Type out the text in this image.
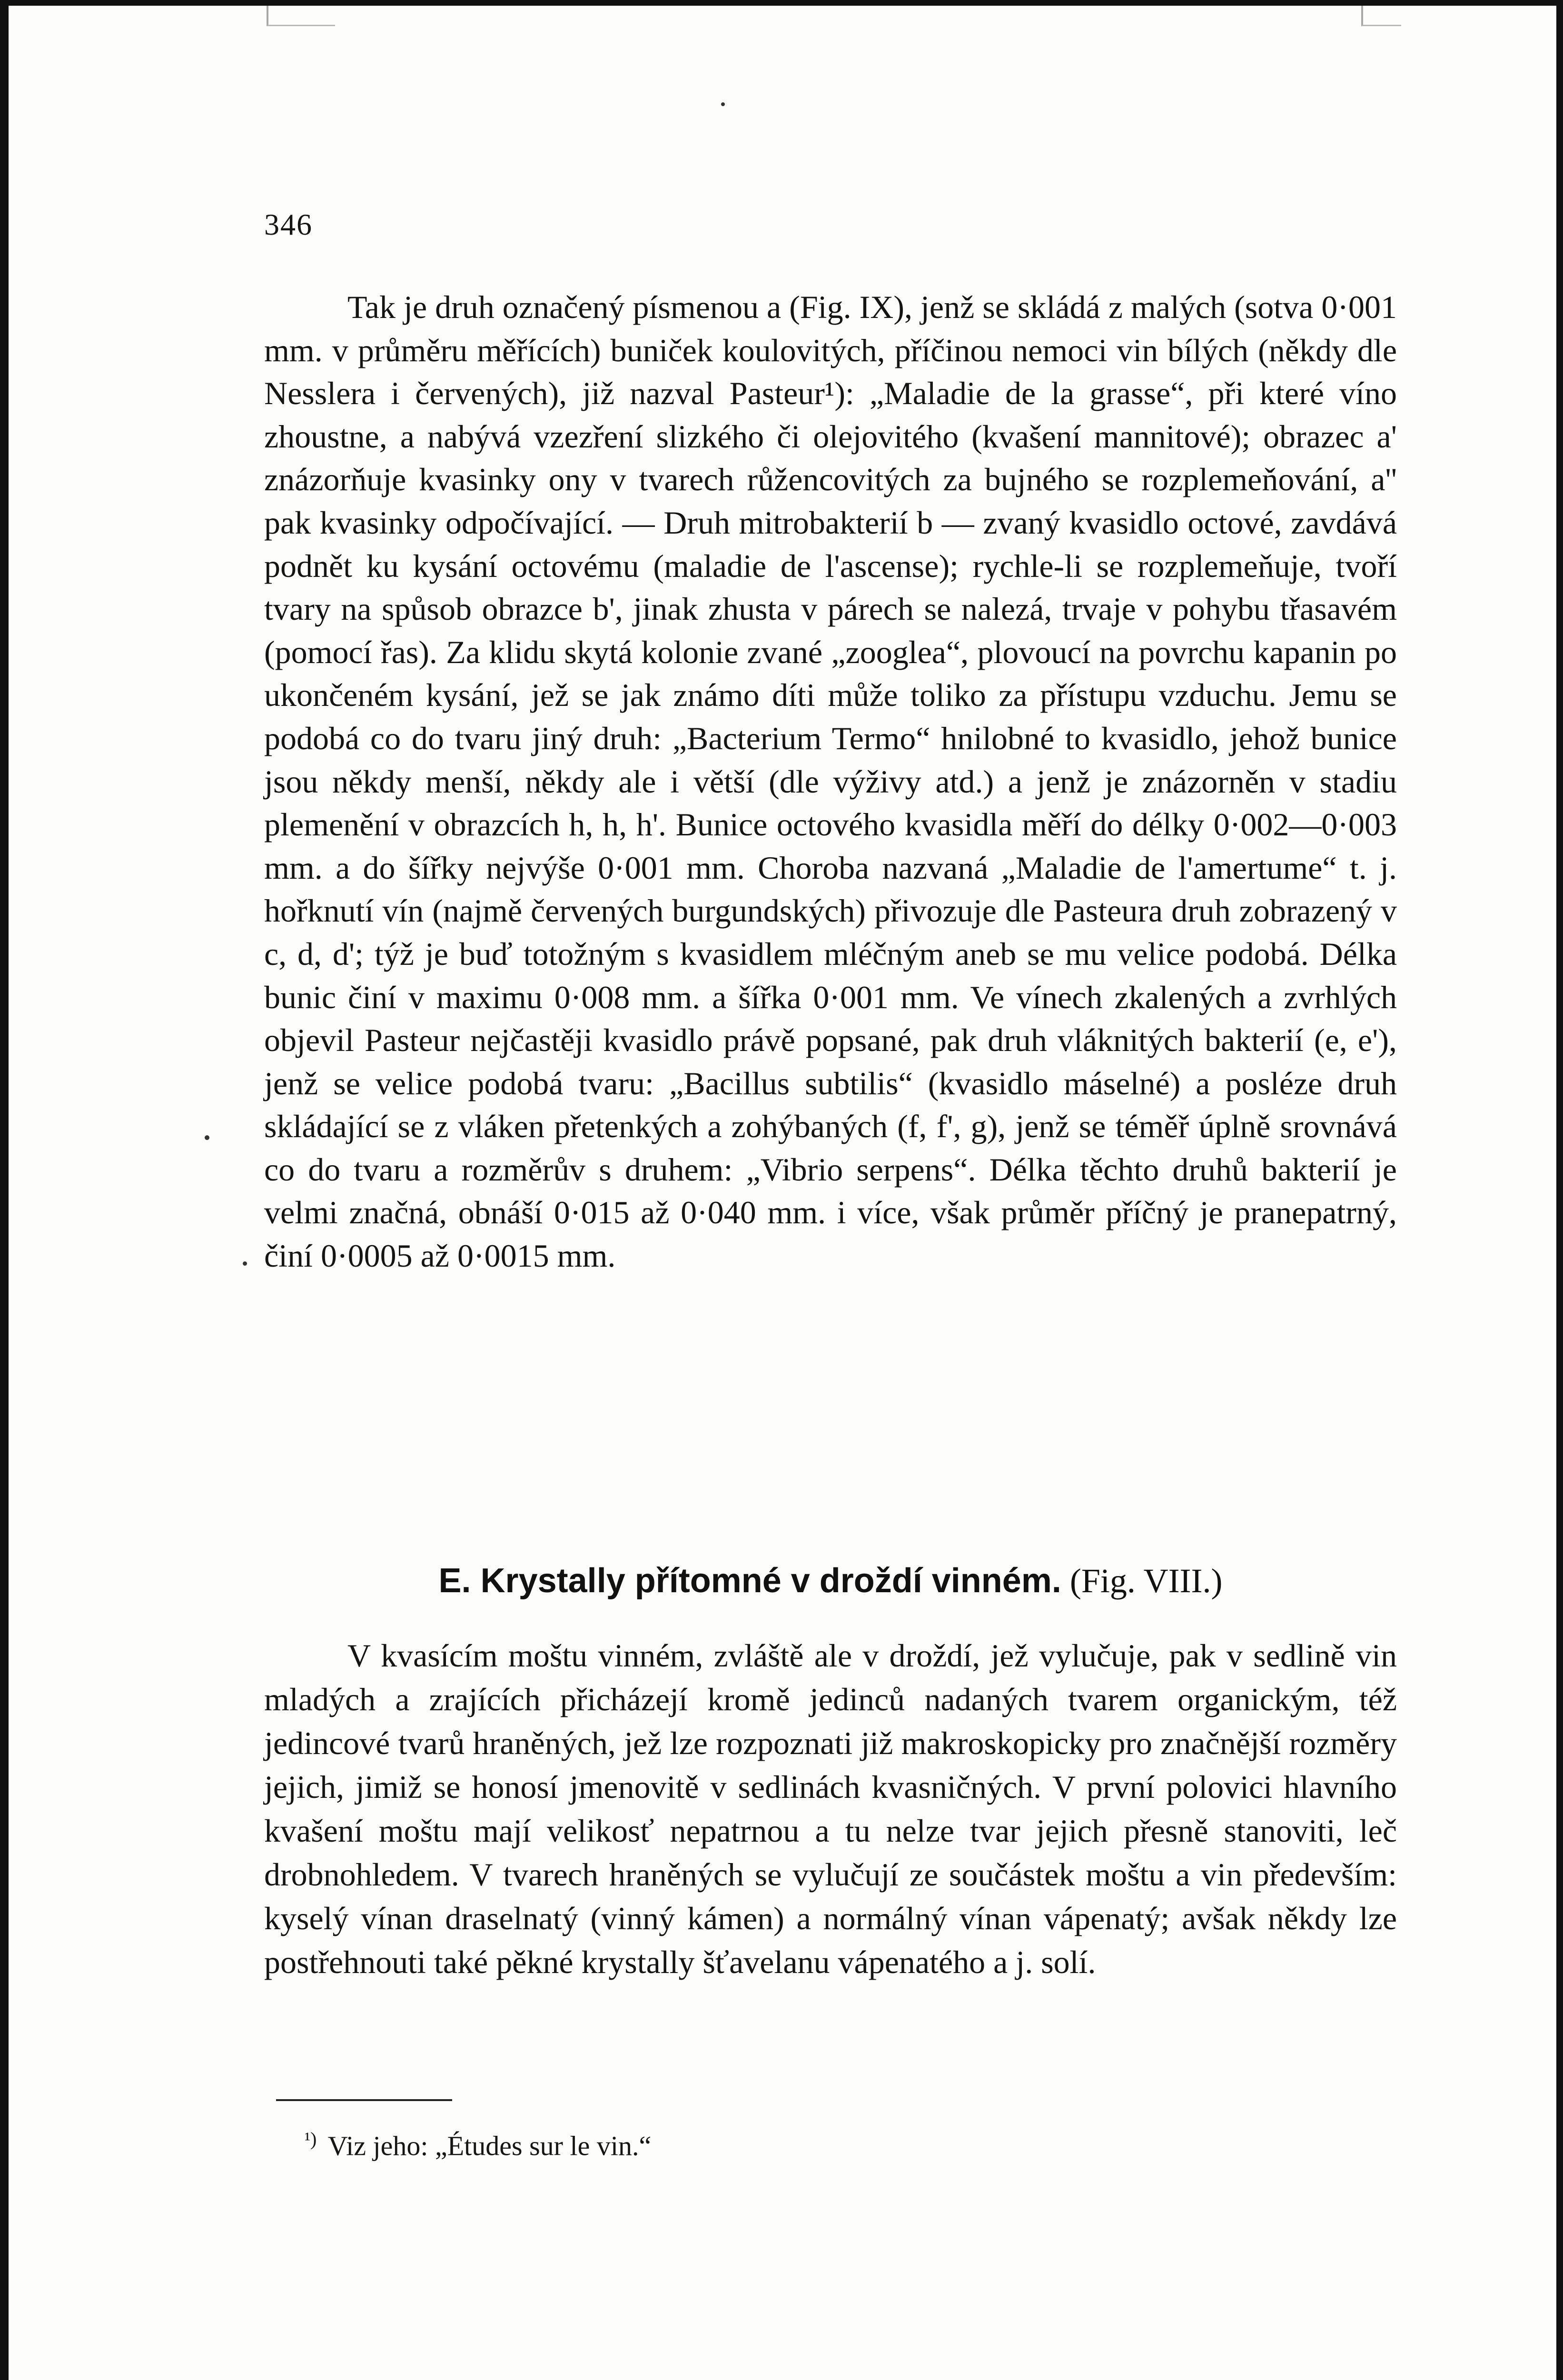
346
Tak je druh označený písmenou a (Fig. IX), jenž se skládá z malých (sotva 0·001 mm. v průměru měřících) buniček koulovitých, příčinou nemoci vin bílých (někdy dle Nesslera i červených), již nazval Pasteur¹): „Maladie de la grasse“, při které víno zhoustne, a nabývá vzezření slizkého či olejovitého (kvašení mannitové); obrazec a' znázorňuje kvasinky ony v tvarech růžencovitých za bujného se rozplemeňování, a'' pak kvasinky odpočívající. — Druh mitrobakterií b — zvaný kvasidlo octové, zavdává podnět ku kysání octovému (maladie de l'ascense); rychle-li se rozplemeňuje, tvoří tvary na spůsob obrazce b', jinak zhusta v párech se nalezá, trvaje v pohybu třasavém (pomocí řas). Za klidu skytá kolonie zvané „zooglea“, plovoucí na povrchu kapanin po ukončeném kysání, jež se jak známo díti může toliko za přístupu vzduchu. Jemu se podobá co do tvaru jiný druh: „Bacterium Termo“ hnilobné to kvasidlo, jehož bunice jsou někdy menší, někdy ale i větší (dle výživy atd.) a jenž je znázorněn v stadiu plemenění v obrazcích h, h, h'. Bunice octového kvasidla měří do délky 0·002—0·003 mm. a do šířky nejvýše 0·001 mm. Choroba nazvaná „Maladie de l'amertume“ t. j. hořknutí vín (najmě červených burgundských) přivozuje dle Pasteura druh zobrazený v c, d, d'; týž je buď totožným s kvasidlem mléčným aneb se mu velice podobá. Délka bunic činí v maximu 0·008 mm. a šířka 0·001 mm. Ve vínech zkalených a zvrhlých objevil Pasteur nejčastěji kvasidlo právě popsané, pak druh vláknitých bakterií (e, e'), jenž se velice podobá tvaru: „Bacillus subtilis“ (kvasidlo máselné) a posléze druh skládající se z vláken přetenkých a zohýbaných (f, f', g), jenž se téměř úplně srovnává co do tvaru a rozměrův s druhem: „Vibrio serpens“. Délka těchto druhů bakterií je velmi značná, obnáší 0·015 až 0·040 mm. i více, však průměr příčný je pranepatrný, činí 0·0005 až 0·0015 mm.
E. Krystally přítomné v droždí vinném. (Fig. VIII.)
V kvasícím moštu vinném, zvláště ale v droždí, jež vylučuje, pak v sedlině vin mladých a zrajících přicházejí kromě jedinců nadaných tvarem organickým, též jedincové tvarů hraněných, jež lze rozpoznati již makroskopicky pro značnější rozměry jejich, jimiž se honosí jmenovitě v sedlinách kvasničných. V první polovici hlavního kvašení moštu mají velikosť nepatrnou a tu nelze tvar jejich přesně stanoviti, leč drobnohledem. V tvarech hraněných se vylučují ze součástek moštu a vin především: kyselý vínan draselnatý (vinný kámen) a normálný vínan vápenatý; avšak někdy lze postřehnouti také pěkné krystally šťavelanu vápenatého a j. solí.
$^{^1)}$ Viz jeho: „Études sur le vin.“
